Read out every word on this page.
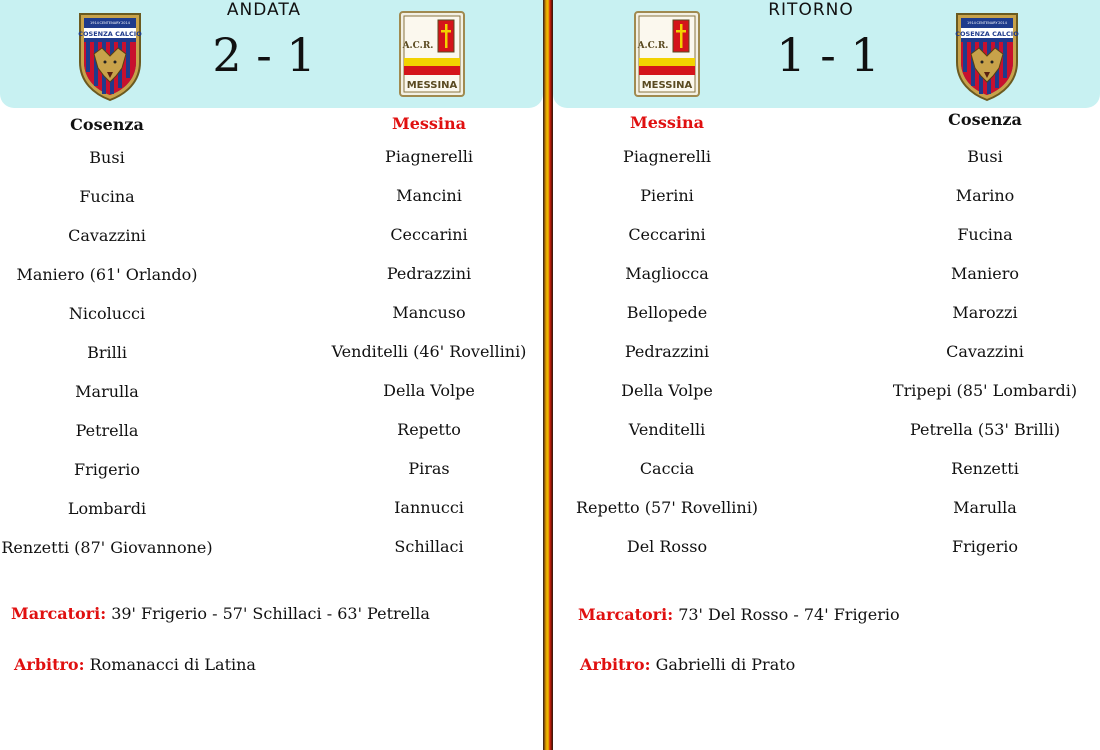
COSENZA CALCIO
1914 CENTENARY 2014
ANDATA
2 - 1	A.C.R.
MESSINA
Cosenza
Busi
Fucina
Cavazzini
Maniero (61' Orlando)
Nicolucci
Brilli
Marulla
Petrella
Frigerio
Lombardi
Renzetti (87' Giovannone)
Messina
Piagnerelli
Mancini
Ceccarini
Pedrazzini
Mancuso
Venditelli (46' Rovellini)
Della Volpe
Repetto
Piras
Iannucci
Schillaci
Marcatori: 39' Frigerio - 57' Schillaci - 63' Petrella
Arbitro: Romanacci di Latina
A.C.R.
MESSINA
RITORNO
1 - 1	COSENZA CALCIO
1914 CENTENARY 2014
Messina
Piagnerelli
Pierini
Ceccarini
Magliocca
Bellopede
Pedrazzini
Della Volpe
Venditelli
Caccia
Repetto (57' Rovellini)
Del Rosso
Cosenza
Busi
Marino
Fucina
Maniero
Marozzi
Cavazzini
Tripepi (85' Lombardi)
Petrella (53' Brilli)
Renzetti
Marulla
Frigerio
Marcatori: 73' Del Rosso - 74' Frigerio
Arbitro: Gabrielli di Prato
